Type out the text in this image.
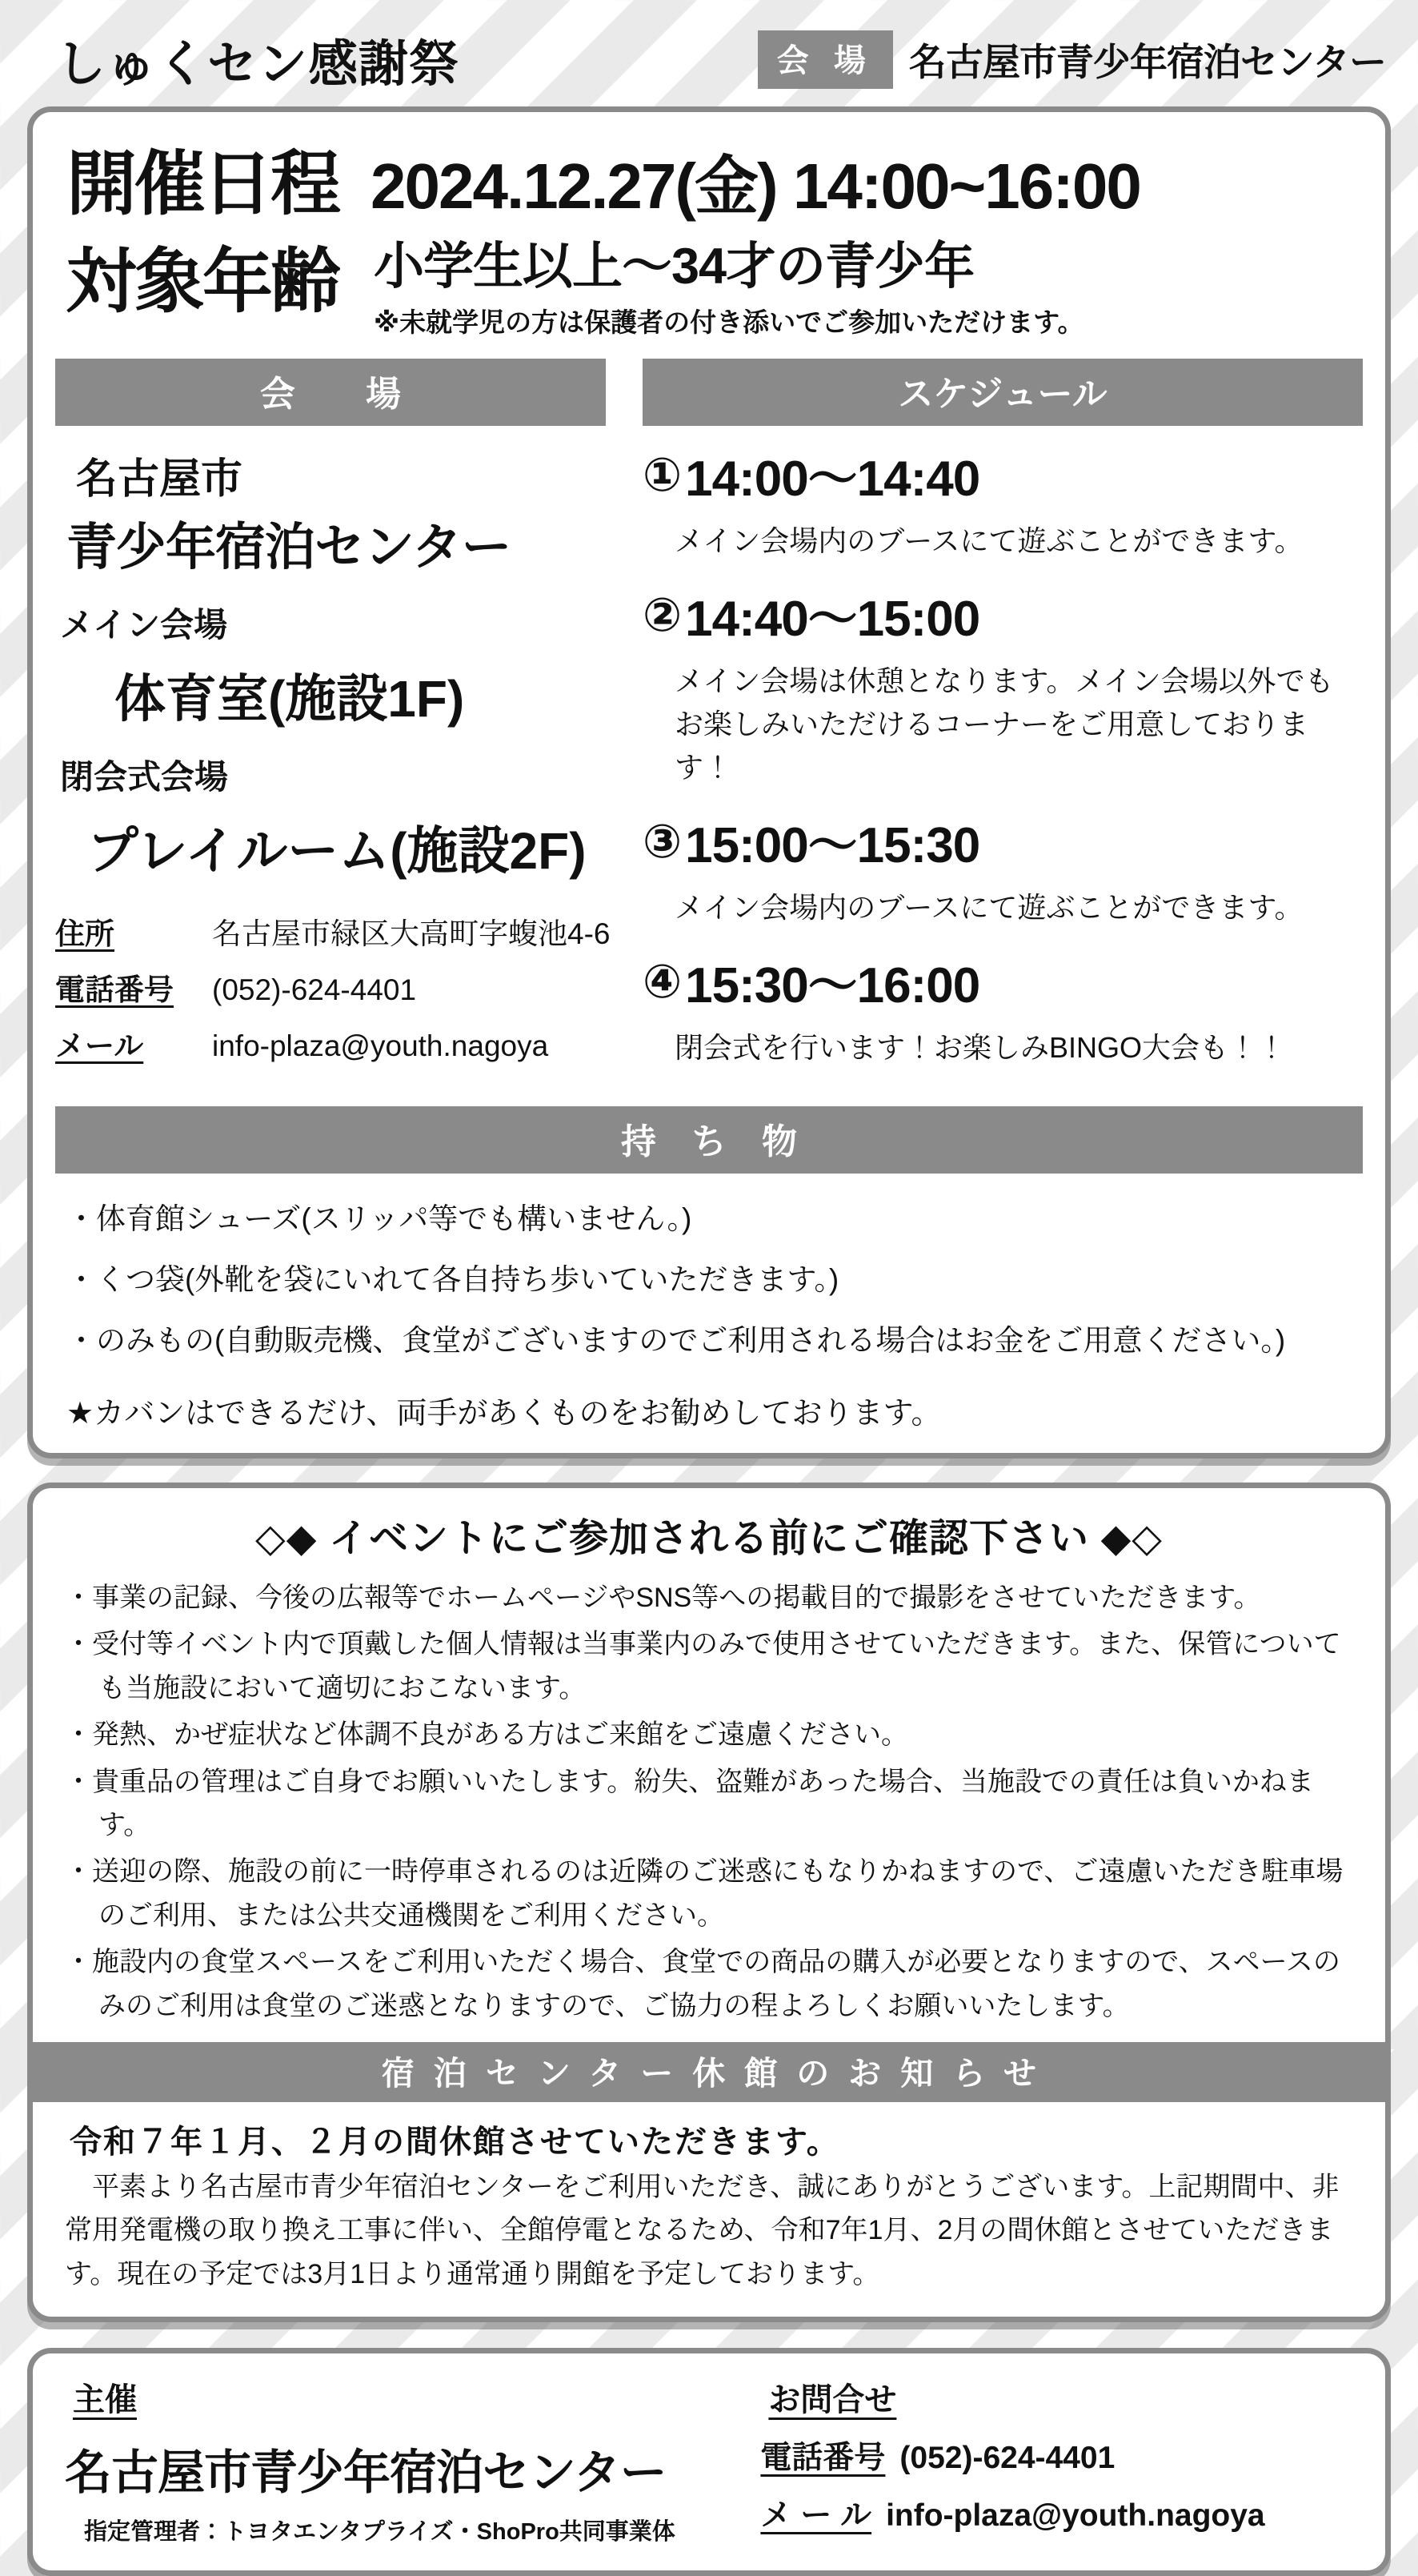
しゅくセン感謝祭	会 場 名古屋市青少年宿泊センター
開催日程 2024.12.27(金) 14:00~16:00
対象年齢 小学生以上～34才の青少年
※未就学児の方は保護者の付き添いでご参加いただけます。
会　　場
名古屋市
青少年宿泊センター
メイン会場
体育室(施設1F)
閉会式会場
プレイルーム(施設2F)
住所	名古屋市緑区大高町字蝮池4-6
電話番号	(052)-624-4401
メール	info-plaza@youth.nagoya
スケジュール
① 14:00～14:40
メイン会場内のブースにて遊ぶことができます。
② 14:40～15:00
メイン会場は休憩となります。メイン会場以外でもお楽しみいただけるコーナーをご用意しております！
③ 15:00～15:30
メイン会場内のブースにて遊ぶことができます。
④ 15:30～16:00
閉会式を行います！お楽しみBINGO大会も！！
持　ち　物
・体育館シューズ(スリッパ等でも構いません。)
・くつ袋(外靴を袋にいれて各自持ち歩いていただきます。)
・のみもの(自動販売機、食堂がございますのでご利用される場合はお金をご用意ください。)
★カバンはできるだけ、両手があくものをお勧めしております。
◇◆ イベントにご参加される前にご確認下さい ◆◇
・事業の記録、今後の広報等でホームページやSNS等への掲載目的で撮影をさせていただきます。
・受付等イベント内で頂戴した個人情報は当事業内のみで使用させていただきます。また、保管についても当施設において適切におこないます。
・発熱、かぜ症状など体調不良がある方はご来館をご遠慮ください。
・貴重品の管理はご自身でお願いいたします。紛失、盗難があった場合、当施設での責任は負いかねます。
・送迎の際、施設の前に一時停車されるのは近隣のご迷惑にもなりかねますので、ご遠慮いただき駐車場のご利用、または公共交通機関をご利用ください。
・施設内の食堂スペースをご利用いただく場合、食堂での商品の購入が必要となりますので、スペースのみのご利用は食堂のご迷惑となりますので、ご協力の程よろしくお願いいたします。
宿泊センター休館のお知らせ
令和７年１月、２月の間休館させていただきます。
　平素より名古屋市青少年宿泊センターをご利用いただき、誠にありがとうございます。上記期間中、非常用発電機の取り換え工事に伴い、全館停電となるため、令和7年1月、2月の間休館とさせていただきます。現在の予定では3月1日より通常通り開館を予定しております。
主催
名古屋市青少年宿泊センター
指定管理者：トヨタエンタプライズ・ShoPro共同事業体
お問合せ
電話番号 (052)-624-4401
メ ー ル info-plaza@youth.nagoya
